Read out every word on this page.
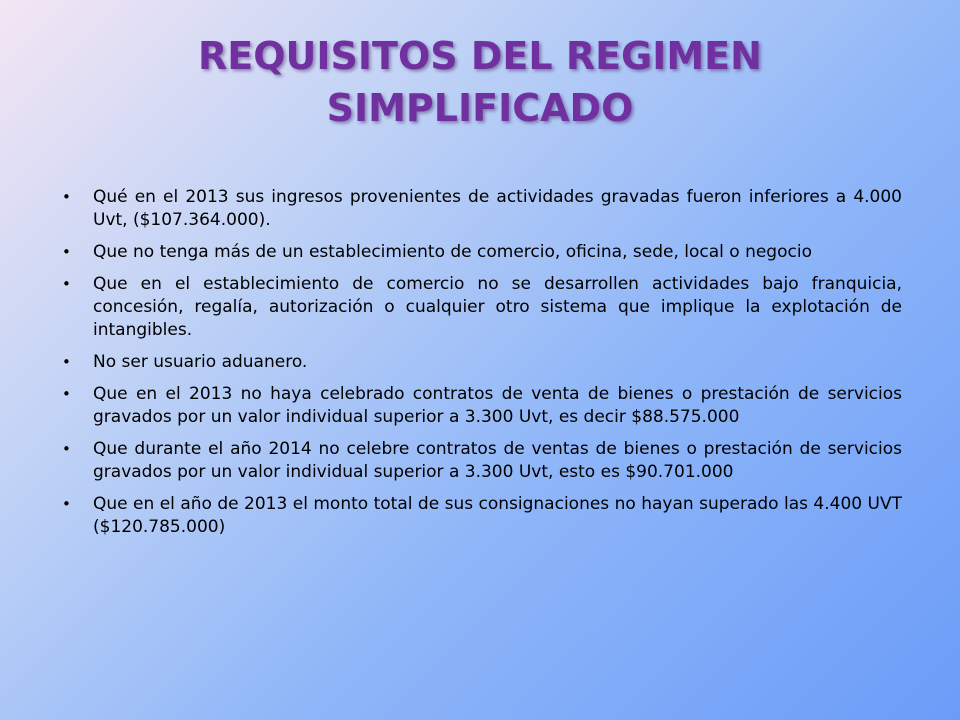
REQUISITOS DEL REGIMEN
SIMPLIFICADO
• Qué en el 2013 sus ingresos provenientes de actividades gravadas fueron inferiores a 4.000 Uvt, ($107.364.000).
• Que no tenga más de un establecimiento de comercio, oficina, sede, local o negocio
• Que en el establecimiento de comercio no se desarrollen actividades bajo franquicia, concesión, regalía, autorización o cualquier otro sistema que implique la explotación de intangibles.
• No ser usuario aduanero.
• Que en el 2013 no haya celebrado contratos de venta de bienes o prestación de servicios gravados por un valor individual superior a 3.300 Uvt, es decir $88.575.000
• Que durante el año 2014 no celebre contratos de ventas de bienes o prestación de servicios gravados por un valor individual superior a 3.300 Uvt, esto es $90.701.000
• Que en el año de 2013 el monto total de sus consignaciones no hayan superado las 4.400 UVT ($120.785.000)
